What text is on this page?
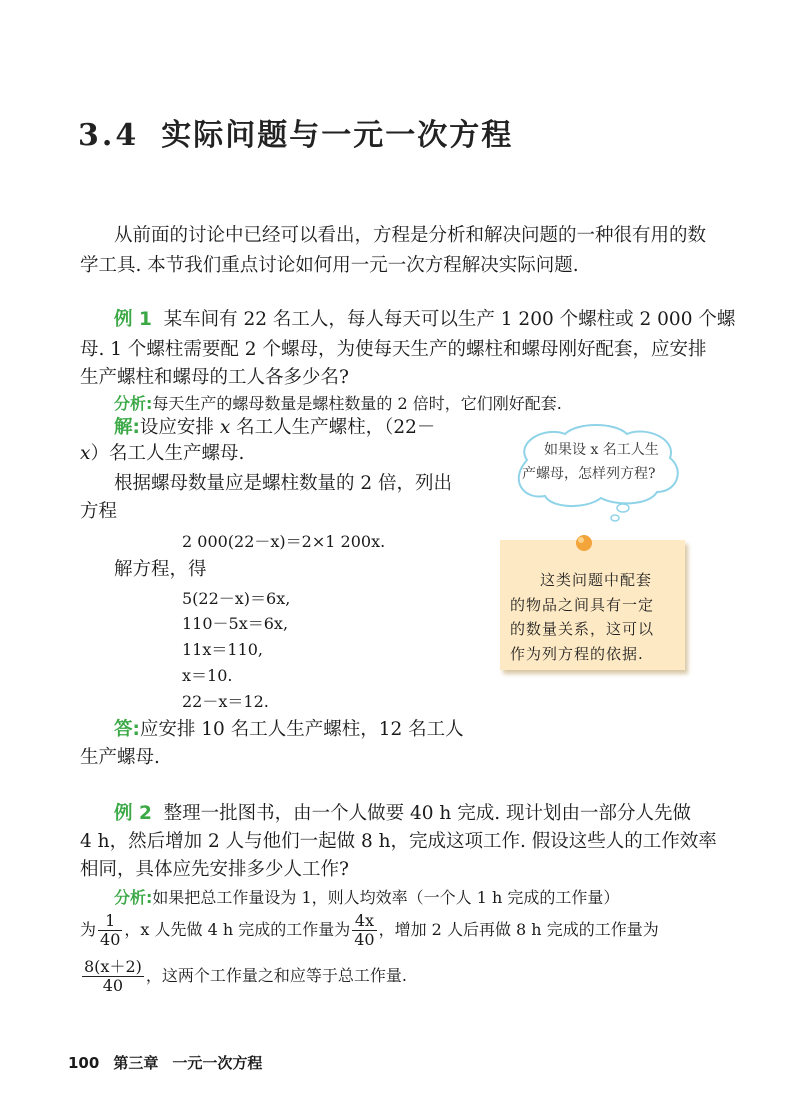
3.4 实际问题与一元一次方程
从前面的讨论中已经可以看出，方程是分析和解决问题的一种很有用的数
学工具. 本节我们重点讨论如何用一元一次方程解决实际问题.
例 1 某车间有 22 名工人，每人每天可以生产 1 200 个螺柱或 2 000 个螺
母. 1 个螺柱需要配 2 个螺母，为使每天生产的螺柱和螺母刚好配套，应安排
生产螺柱和螺母的工人各多少名?
分析:每天生产的螺母数量是螺柱数量的 2 倍时，它们刚好配套.
解:设应安排 x 名工人生产螺柱，（22－
x）名工人生产螺母.
根据螺母数量应是螺柱数量的 2 倍，列出
方程
2 000(22－x)＝2×1 200x.
解方程，得
5(22－x)＝6x,
110－5x＝6x,
11x＝110,
x＝10.
22－x＝12.
答:应安排 10 名工人生产螺柱，12 名工人
生产螺母.
如果设 x 名工人生
产螺母，怎样列方程?
这类问题中配套
的物品之间具有一定
的数量关系，这可以
作为列方程的依据.
例 2 整理一批图书，由一个人做要 40 h 完成. 现计划由一部分人先做
4 h，然后增加 2 人与他们一起做 8 h，完成这项工作. 假设这些人的工作效率
相同，具体应先安排多少人工作?
分析:如果把总工作量设为 1，则人均效率（一个人 1 h 完成的工作量）
为 $\frac{1}{40}$ ，x 人先做 4 h 完成的工作量为 $\frac{4x}{40}$ ，增加 2 人后再做 8 h 完成的工作量为
$\frac{8(x+2)}{40}$ ，这两个工作量之和应等于总工作量.
100 第三章 一元一次方程
